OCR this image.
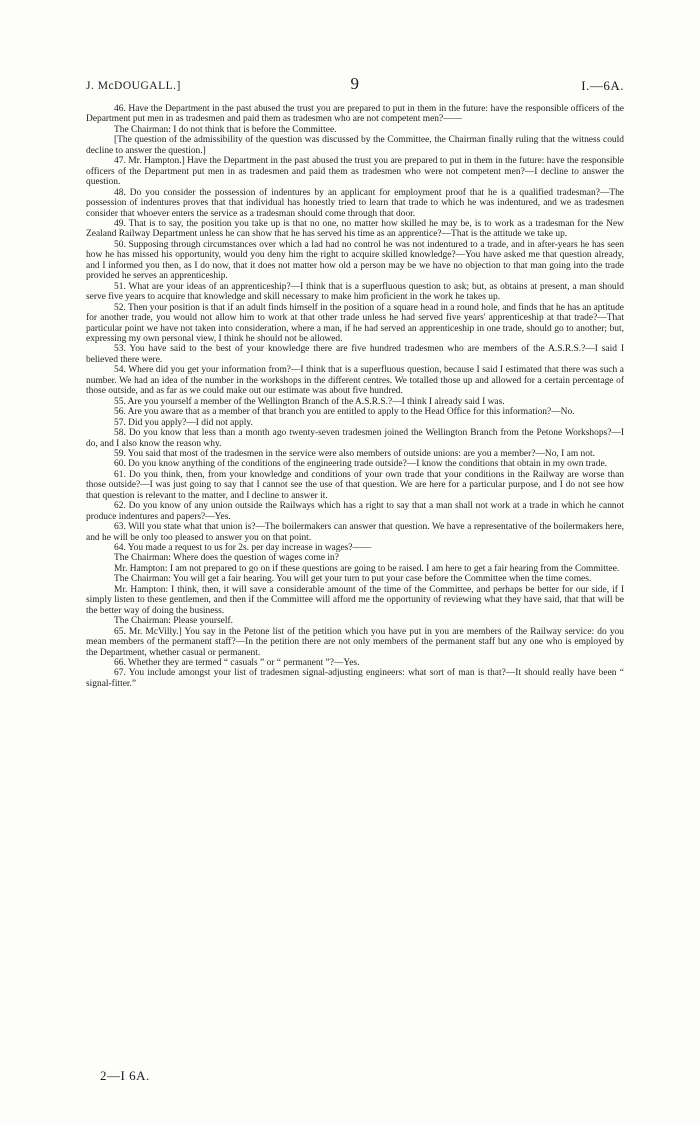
J. McDOUGALL.]	9	I.—6A.

46. Have the Department in the past abused the trust you are prepared to put in them in the future: have the responsible officers of the Department put men in as tradesmen and paid them as tradesmen who are not competent men?——

The Chairman: I do not think that is before the Committee.

[The question of the admissibility of the question was discussed by the Committee, the Chairman finally ruling that the witness could decline to answer the question.]

47. Mr. Hampton.] Have the Department in the past abused the trust you are prepared to put in them in the future: have the responsible officers of the Department put men in as tradesmen and paid them as tradesmen who were not competent men?—I decline to answer the question.

48. Do you consider the possession of indentures by an applicant for employment proof that he is a qualified tradesman?—The possession of indentures proves that that individual has honestly tried to learn that trade to which he was indentured, and we as tradesmen consider that whoever enters the service as a tradesman should come through that door.

49. That is to say, the position you take up is that no one, no matter how skilled he may be, is to work as a tradesman for the New Zealand Railway Department unless he can show that he has served his time as an apprentice?—That is the attitude we take up.

50. Supposing through circumstances over which a lad had no control he was not indentured to a trade, and in after-years he has seen how he has missed his opportunity, would you deny him the right to acquire skilled knowledge?—You have asked me that question already, and I informed you then, as I do now, that it does not matter how old a person may be we have no objection to that man going into the trade provided he serves an apprenticeship.

51. What are your ideas of an apprenticeship?—I think that is a superfluous question to ask; but, as obtains at present, a man should serve five years to acquire that knowledge and skill necessary to make him proficient in the work he takes up.

52. Then your position is that if an adult finds himself in the position of a square head in a round hole, and finds that he has an aptitude for another trade, you would not allow him to work at that other trade unless he had served five years' apprenticeship at that trade?—That particular point we have not taken into consideration, where a man, if he had served an apprenticeship in one trade, should go to another; but, expressing my own personal view, I think he should not be allowed.

53. You have said to the best of your knowledge there are five hundred tradesmen who are members of the A.S.R.S.?—I said I believed there were.

54. Where did you get your information from?—I think that is a superfluous question, because I said I estimated that there was such a number. We had an idea of the number in the workshops in the different centres. We totalled those up and allowed for a certain percentage of those outside, and as far as we could make out our estimate was about five hundred.

55. Are you yourself a member of the Wellington Branch of the A.S.R.S.?—I think I already said I was.

56. Are you aware that as a member of that branch you are entitled to apply to the Head Office for this information?—No.

57. Did you apply?—I did not apply.

58. Do you know that less than a month ago twenty-seven tradesmen joined the Wellington Branch from the Petone Workshops?—I do, and I also know the reason why.

59. You said that most of the tradesmen in the service were also members of outside unions: are you a member?—No, I am not.

60. Do you know anything of the conditions of the engineering trade outside?—I know the conditions that obtain in my own trade.

61. Do you think, then, from your knowledge and conditions of your own trade that your conditions in the Railway are worse than those outside?—I was just going to say that I cannot see the use of that question. We are here for a particular purpose, and I do not see how that question is relevant to the matter, and I decline to answer it.

62. Do you know of any union outside the Railways which has a right to say that a man shall not work at a trade in which he cannot produce indentures and papers?—Yes.

63. Will you state what that union is?—The boilermakers can answer that question. We have a representative of the boilermakers here, and he will be only too pleased to answer you on that point.

64. You made a request to us for 2s. per day increase in wages?——

The Chairman: Where does the question of wages come in?

Mr. Hampton: I am not prepared to go on if these questions are going to be raised. I am here to get a fair hearing from the Committee.

The Chairman: You will get a fair hearing. You will get your turn to put your case before the Committee when the time comes.

Mr. Hampton: I think, then, it will save a considerable amount of the time of the Committee, and perhaps be better for our side, if I simply listen to these gentlemen, and then if the Committee will afford me the opportunity of reviewing what they have said, that that will be the better way of doing the business.

The Chairman: Please yourself.

65. Mr. McVilly.] You say in the Petone list of the petition which you have put in you are members of the Railway service: do you mean members of the permanent staff?—In the petition there are not only members of the permanent staff but any one who is employed by the Department, whether casual or permanent.

66. Whether they are termed “ casuals ” or “ permanent ”?—Yes.

67. You include amongst your list of tradesmen signal-adjusting engineers: what sort of man is that?—It should really have been “ signal-fitter.”

2—I 6A.
